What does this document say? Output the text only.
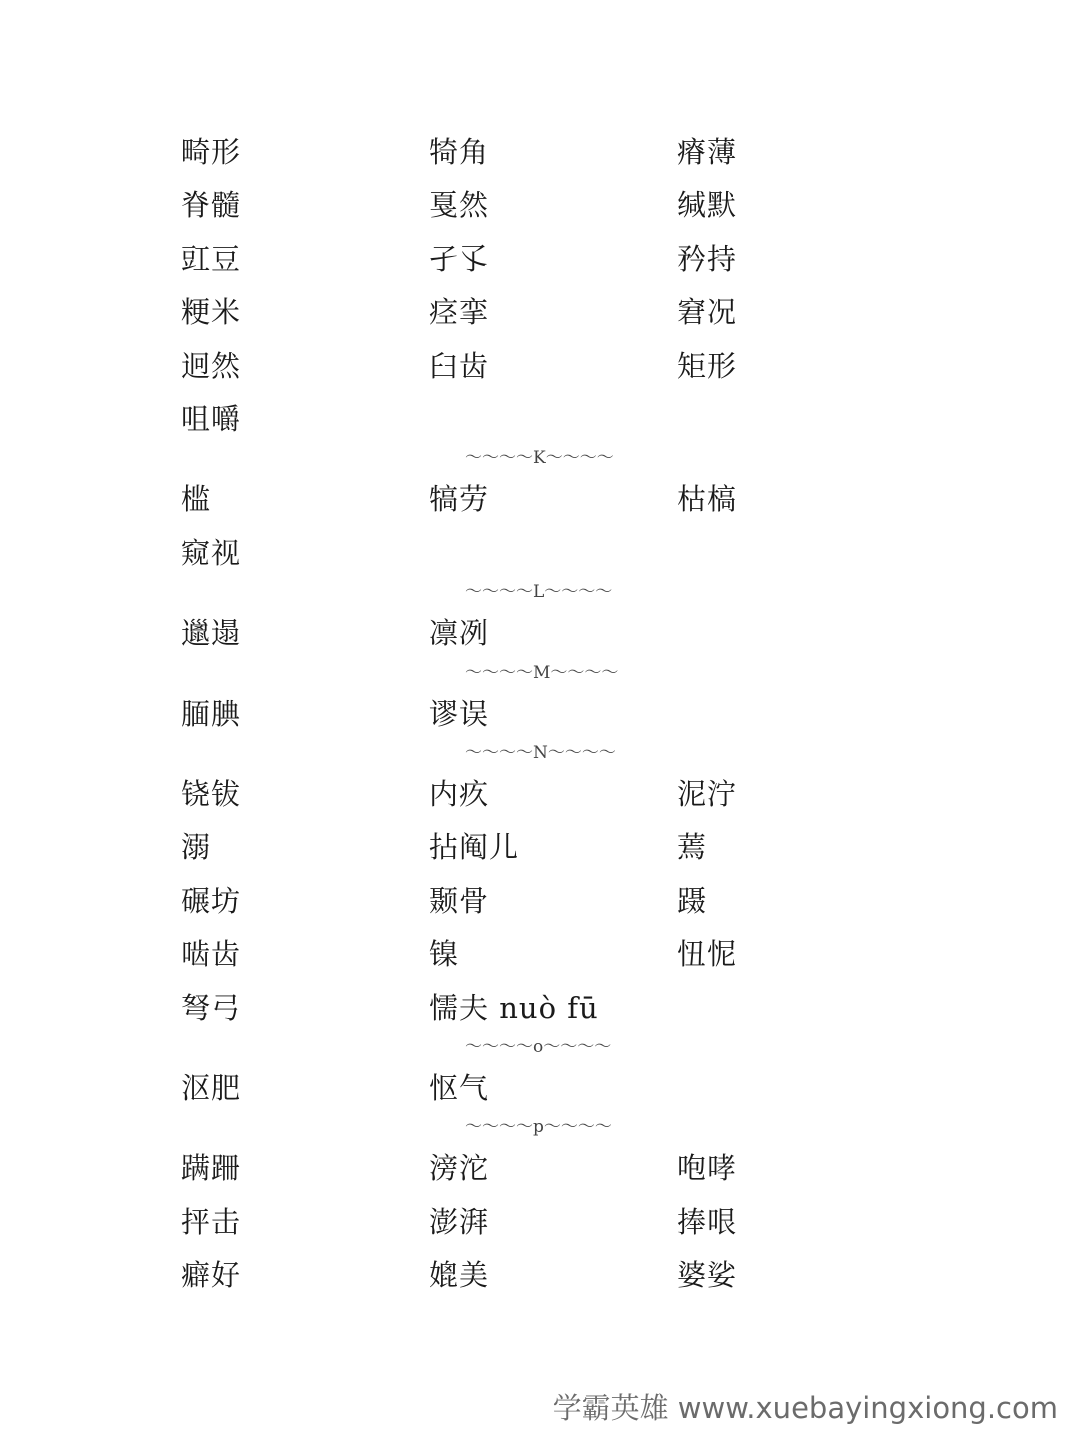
畸形	犄角	瘠薄
脊髓	戛然	缄默
豇豆	孑孓	矜持
粳米	痉挛	窘况
迥然	臼齿	矩形
咀嚼
～～～～K～～～～
槛	犒劳	枯槁
窥视
～～～～L～～～～
邋遢	凛冽
～～～～M～～～～
腼腆	谬误
～～～～N～～～～
铙钹	内疚	泥泞
溺	拈阄儿	蔫
碾坊	颞骨	蹑
啮齿	镍	忸怩
弩弓	懦夫 nuò fū
～～～～o～～～～
沤肥	怄气
～～～～p～～～～
蹒跚	滂沱	咆哮
抨击	澎湃	捧哏
癖好	媲美	婆娑
学霸英雄 www.xuebayingxiong.com
